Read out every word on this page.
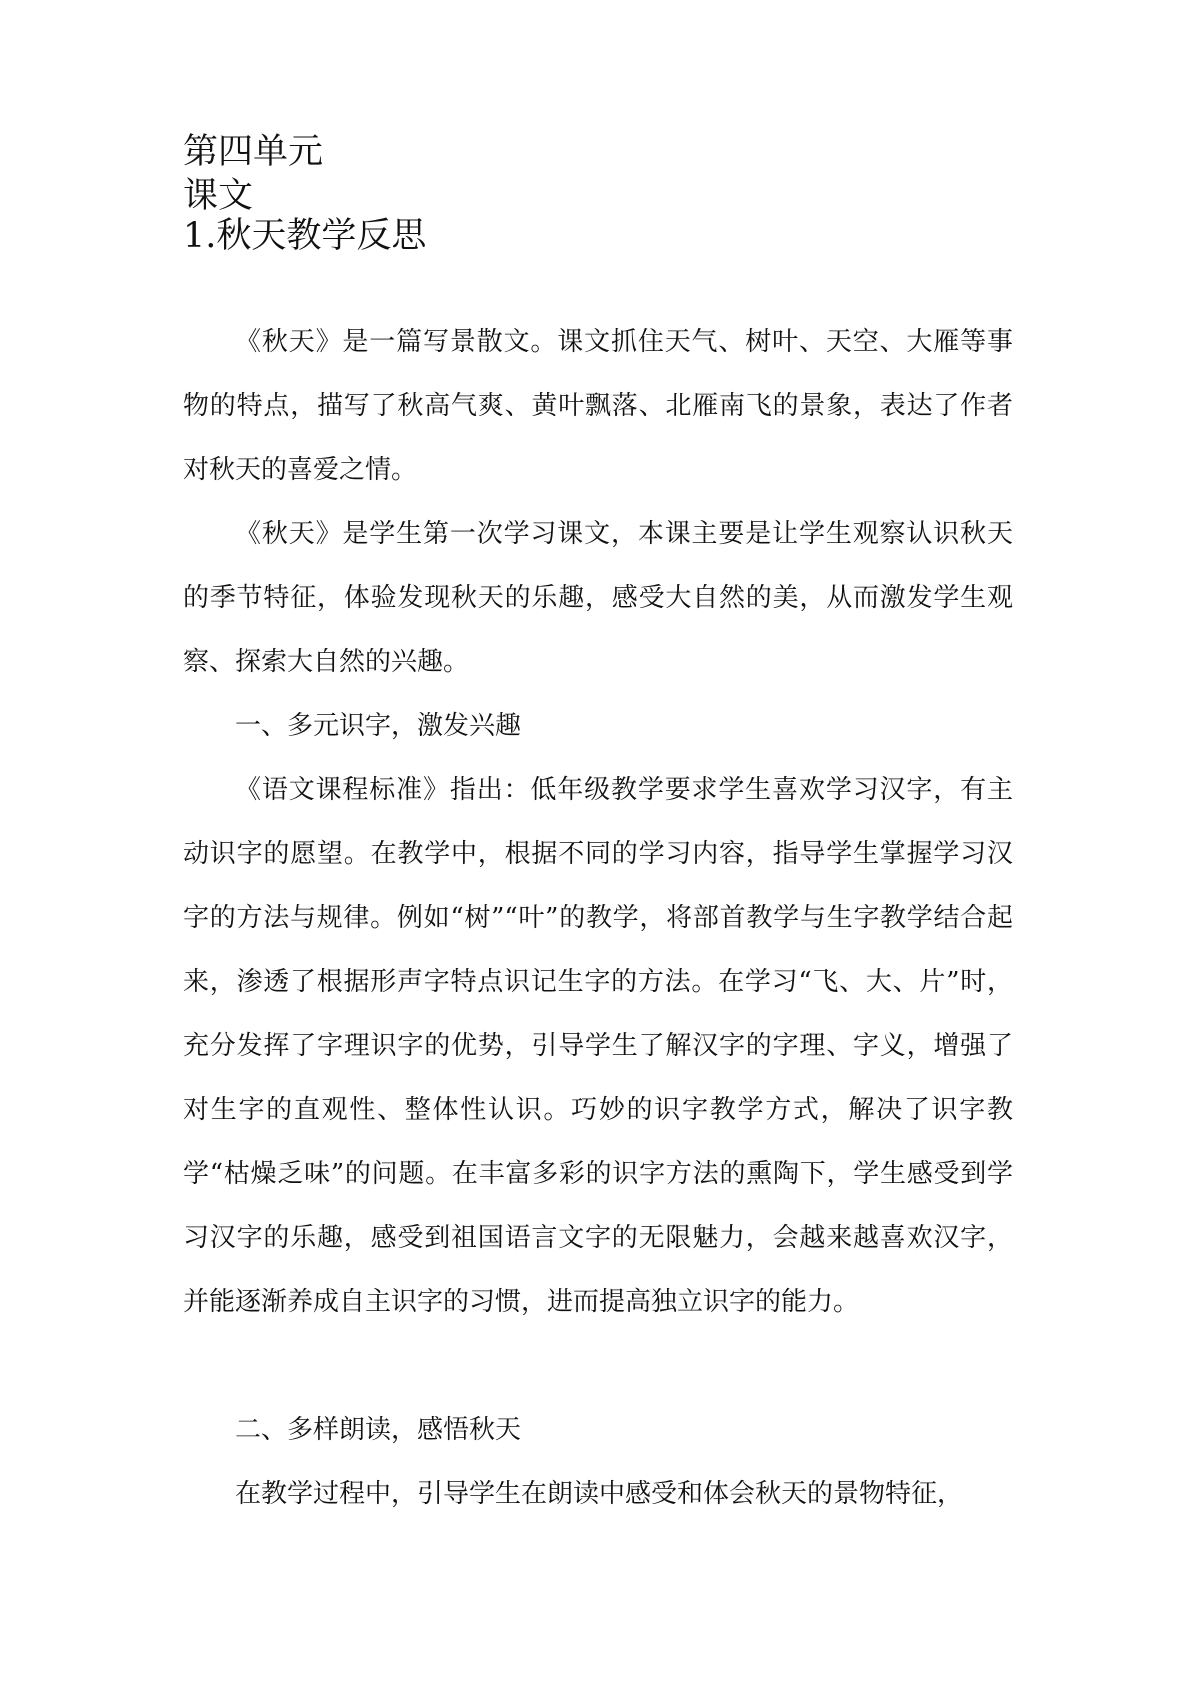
第四单元
课文
1.秋天教学反思

《秋天》是一篇写景散文。课文抓住天气、树叶、天空、大雁等事物的特点，描写了秋高气爽、黄叶飘落、北雁南飞的景象，表达了作者对秋天的喜爱之情。

《秋天》是学生第一次学习课文，本课主要是让学生观察认识秋天的季节特征，体验发现秋天的乐趣，感受大自然的美，从而激发学生观察、探索大自然的兴趣。

一、多元识字，激发兴趣

《语文课程标准》指出：低年级教学要求学生喜欢学习汉字，有主动识字的愿望。在教学中，根据不同的学习内容，指导学生掌握学习汉字的方法与规律。例如“树”“叶”的教学，将部首教学与生字教学结合起来，渗透了根据形声字特点识记生字的方法。在学习“飞、大、片”时，充分发挥了字理识字的优势，引导学生了解汉字的字理、字义，增强了对生字的直观性、整体性认识。巧妙的识字教学方式，解决了识字教学“枯燥乏味”的问题。在丰富多彩的识字方法的熏陶下，学生感受到学习汉字的乐趣，感受到祖国语言文字的无限魅力，会越来越喜欢汉字，并能逐渐养成自主识字的习惯，进而提高独立识字的能力。

二、多样朗读，感悟秋天

在教学过程中，引导学生在朗读中感受和体会秋天的景物特征，
